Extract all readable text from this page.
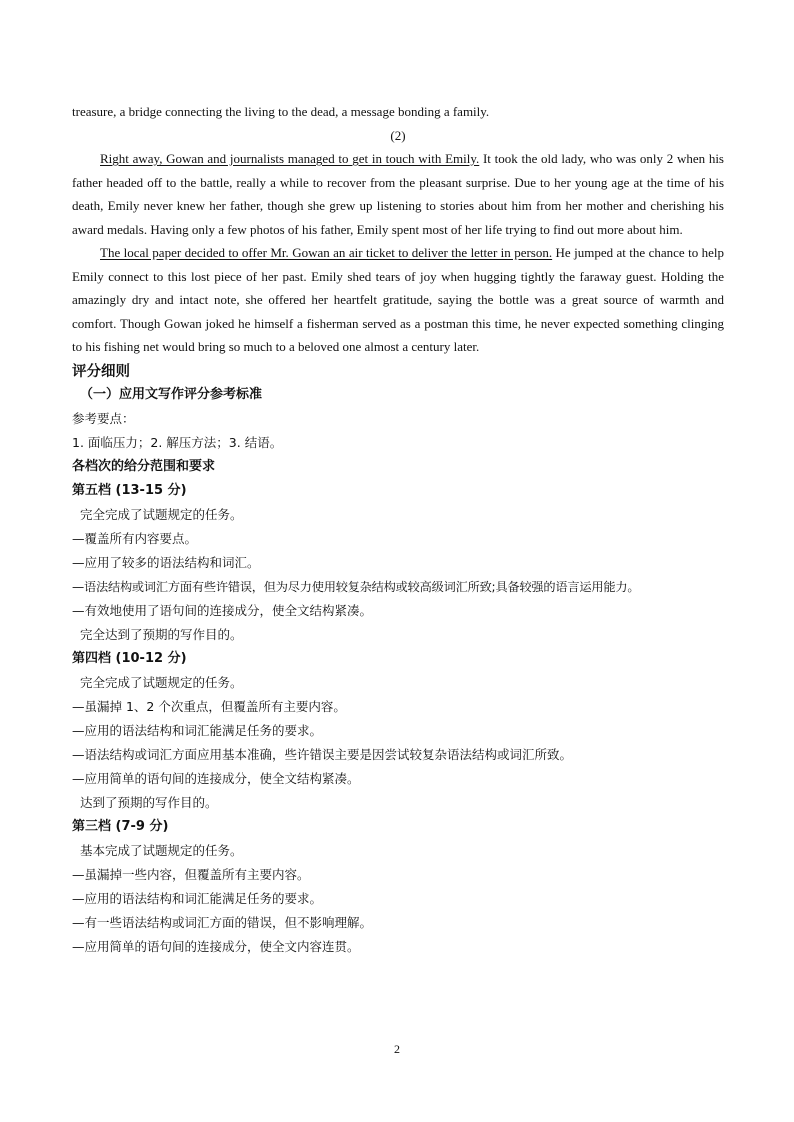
treasure, a bridge connecting the living to the dead, a message bonding a family.

(2)

Right away, Gowan and journalists managed to get in touch with Emily. It took the old lady, who was only 2 when his father headed off to the battle, really a while to recover from the pleasant surprise. Due to her young age at the time of his death, Emily never knew her father, though she grew up listening to stories about him from her mother and cherishing his award medals. Having only a few photos of his father, Emily spent most of her life trying to find out more about him.

The local paper decided to offer Mr. Gowan an air ticket to deliver the letter in person. He jumped at the chance to help Emily connect to this lost piece of her past. Emily shed tears of joy when hugging tightly the faraway guest. Holding the amazingly dry and intact note, she offered her heartfelt gratitude, saying the bottle was a great source of warmth and comfort. Though Gowan joked he himself a fisherman served as a postman this time, he never expected something clinging to his fishing net would bring so much to a beloved one almost a century later.

评分细则

（一）应用文写作评分参考标准

参考要点：

1. 面临压力；2. 解压方法；3. 结语。

各档次的给分范围和要求

第五档 (13-15 分)

完全完成了试题规定的任务。

—覆盖所有内容要点。

—应用了较多的语法结构和词汇。

—语法结构或词汇方面有些许错误，但为尽力使用较复杂结构或较高级词汇所致;具备较强的语言运用能力。

—有效地使用了语句间的连接成分，使全文结构紧凑。

完全达到了预期的写作目的。

第四档 (10-12 分)

完全完成了试题规定的任务。

—虽漏掉 1、2 个次重点，但覆盖所有主要内容。

—应用的语法结构和词汇能满足任务的要求。

—语法结构或词汇方面应用基本准确，些许错误主要是因尝试较复杂语法结构或词汇所致。

—应用简单的语句间的连接成分，使全文结构紧凑。

达到了预期的写作目的。

第三档 (7-9 分)

基本完成了试题规定的任务。

—虽漏掉一些内容，但覆盖所有主要内容。

—应用的语法结构和词汇能满足任务的要求。

—有一些语法结构或词汇方面的错误，但不影响理解。

—应用简单的语句间的连接成分，使全文内容连贯。

2
